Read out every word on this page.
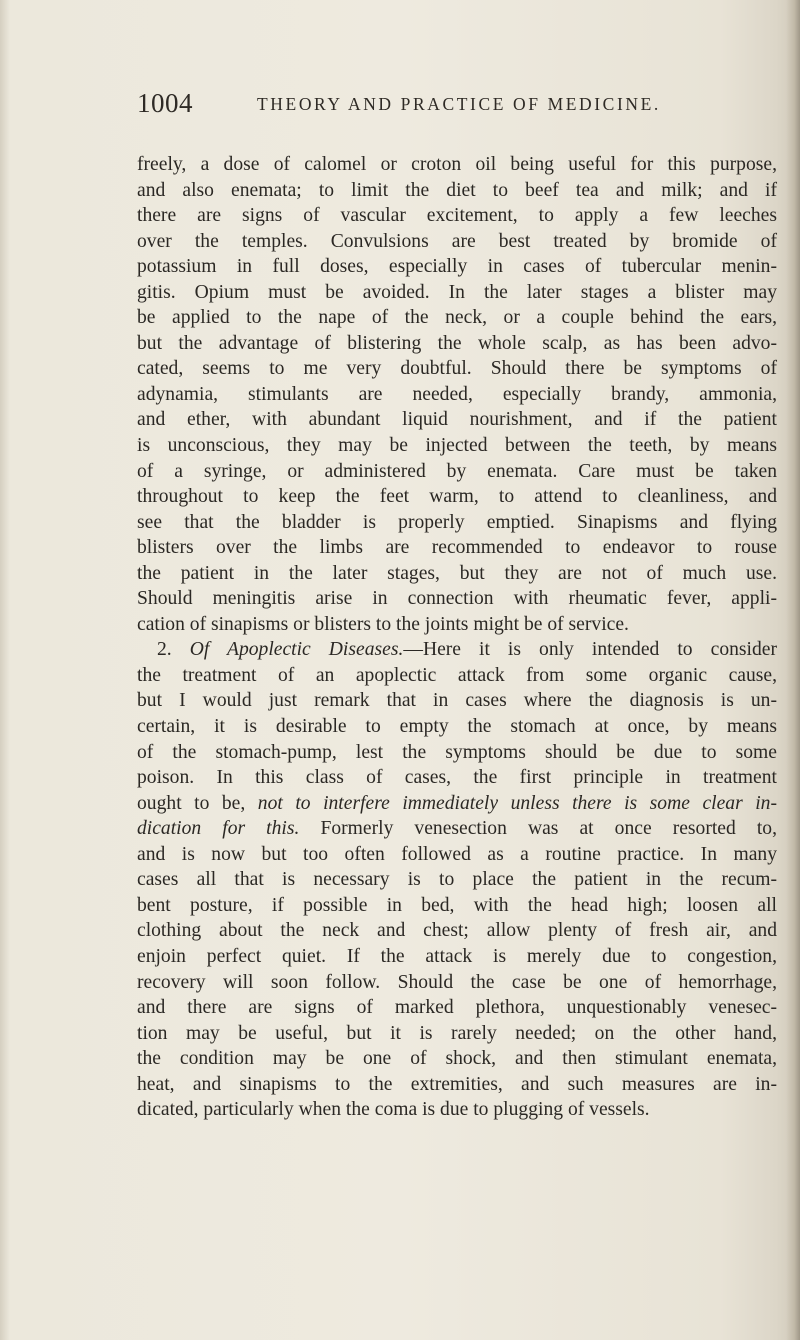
1004	THEORY AND PRACTICE OF MEDICINE.
freely, a dose of calomel or croton oil being useful for this purpose,
and also enemata; to limit the diet to beef tea and milk; and if
there are signs of vascular excitement, to apply a few leeches
over the temples. Convulsions are best treated by bromide of
potassium in full doses, especially in cases of tubercular menin-
gitis. Opium must be avoided. In the later stages a blister may
be applied to the nape of the neck, or a couple behind the ears,
but the advantage of blistering the whole scalp, as has been advo-
cated, seems to me very doubtful. Should there be symptoms of
adynamia, stimulants are needed, especially brandy, ammonia,
and ether, with abundant liquid nourishment, and if the patient
is unconscious, they may be injected between the teeth, by means
of a syringe, or administered by enemata. Care must be taken
throughout to keep the feet warm, to attend to cleanliness, and
see that the bladder is properly emptied. Sinapisms and flying
blisters over the limbs are recommended to endeavor to rouse
the patient in the later stages, but they are not of much use.
Should meningitis arise in connection with rheumatic fever, appli-
cation of sinapisms or blisters to the joints might be of service.
2. Of Apoplectic Diseases.—Here it is only intended to consider
the treatment of an apoplectic attack from some organic cause,
but I would just remark that in cases where the diagnosis is un-
certain, it is desirable to empty the stomach at once, by means
of the stomach-pump, lest the symptoms should be due to some
poison. In this class of cases, the first principle in treatment
ought to be, not to interfere immediately unless there is some clear in-
dication for this. Formerly venesection was at once resorted to,
and is now but too often followed as a routine practice. In many
cases all that is necessary is to place the patient in the recum-
bent posture, if possible in bed, with the head high; loosen all
clothing about the neck and chest; allow plenty of fresh air, and
enjoin perfect quiet. If the attack is merely due to congestion,
recovery will soon follow. Should the case be one of hemorrhage,
and there are signs of marked plethora, unquestionably venesec-
tion may be useful, but it is rarely needed; on the other hand,
the condition may be one of shock, and then stimulant enemata,
heat, and sinapisms to the extremities, and such measures are in-
dicated, particularly when the coma is due to plugging of vessels.
